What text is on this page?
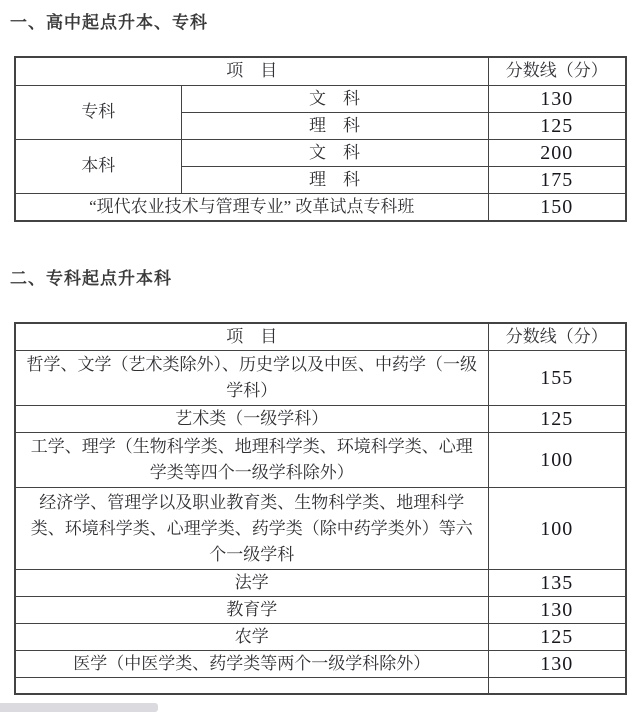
一、高中起点升本、专科
项　目		分数线（分）
专科	文　科	130
	理　科	125
本科	文　科	200
	理　科	175
“现代农业技术与管理专业” 改革试点专科班		150
二、专科起点升本科
项　目	分数线（分）
哲学、文学（艺术类除外）、历史学以及中医、中药学（一级学科）	155
艺术类（一级学科）	125
工学、理学（生物科学类、地理科学类、环境科学类、心理学类等四个一级学科除外）	100
经济学、管理学以及职业教育类、生物科学类、地理科学类、环境科学类、心理学类、药学类（除中药学类外）等六个一级学科	100
法学	135
教育学	130
农学	125
医学（中医学类、药学类等两个一级学科除外）	130
